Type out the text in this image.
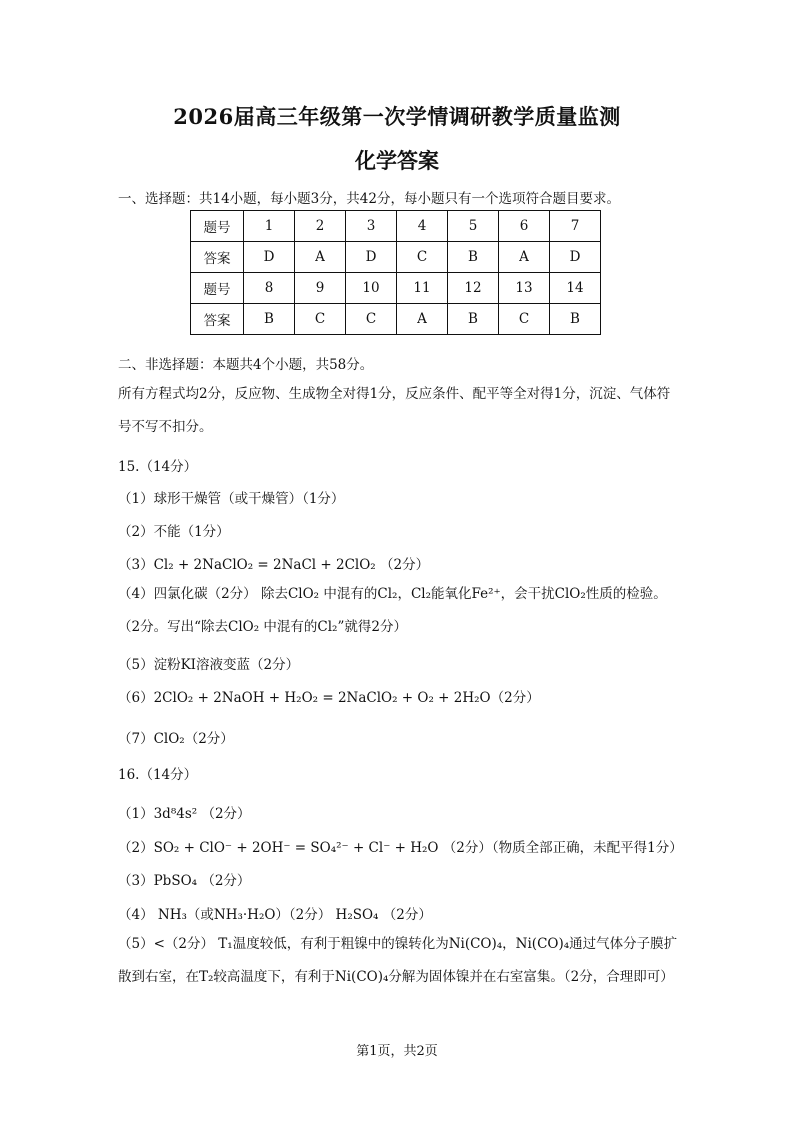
2026届高三年级第一次学情调研教学质量监测
化学答案
一、选择题：共14小题，每小题3分，共42分，每小题只有一个选项符合题目要求。
题号	1	2	3	4	5	6	7
答案	D	A	D	C	B	A	D
题号	8	9	10	11	12	13	14
答案	B	C	C	A	B	C	B
二、非选择题：本题共4个小题，共58分。
所有方程式均2分，反应物、生成物全对得1分，反应条件、配平等全对得1分，沉淀、气体符号不写不扣分。
15.（14分）
（1）球形干燥管（或干燥管）（1分）
（2）不能（1分）
（3）Cl₂ + 2NaClO₂ = 2NaCl + 2ClO₂ （2分）
（4）四氯化碳（2分） 除去ClO₂ 中混有的Cl₂，Cl₂能氧化Fe²⁺，会干扰ClO₂性质的检验。（2分。写出“除去ClO₂ 中混有的Cl₂”就得2分）
（5）淀粉KI溶液变蓝（2分）
（6）2ClO₂ + 2NaOH + H₂O₂ = 2NaClO₂ + O₂ + 2H₂O（2分）
（7）ClO₂（2分）
16.（14分）
（1）3d⁸4s² （2分）
（2）SO₂ + ClO⁻ + 2OH⁻ = SO₄²⁻ + Cl⁻ + H₂O （2分）（物质全部正确，未配平得1分）
（3）PbSO₄ （2分）
（4） NH₃（或NH₃·H₂O）（2分） H₂SO₄ （2分）
（5）<（2分） T₁温度较低，有利于粗镍中的镍转化为Ni(CO)₄，Ni(CO)₄通过气体分子膜扩散到右室，在T₂较高温度下，有利于Ni(CO)₄分解为固体镍并在右室富集。（2分，合理即可）
第1页，共2页
